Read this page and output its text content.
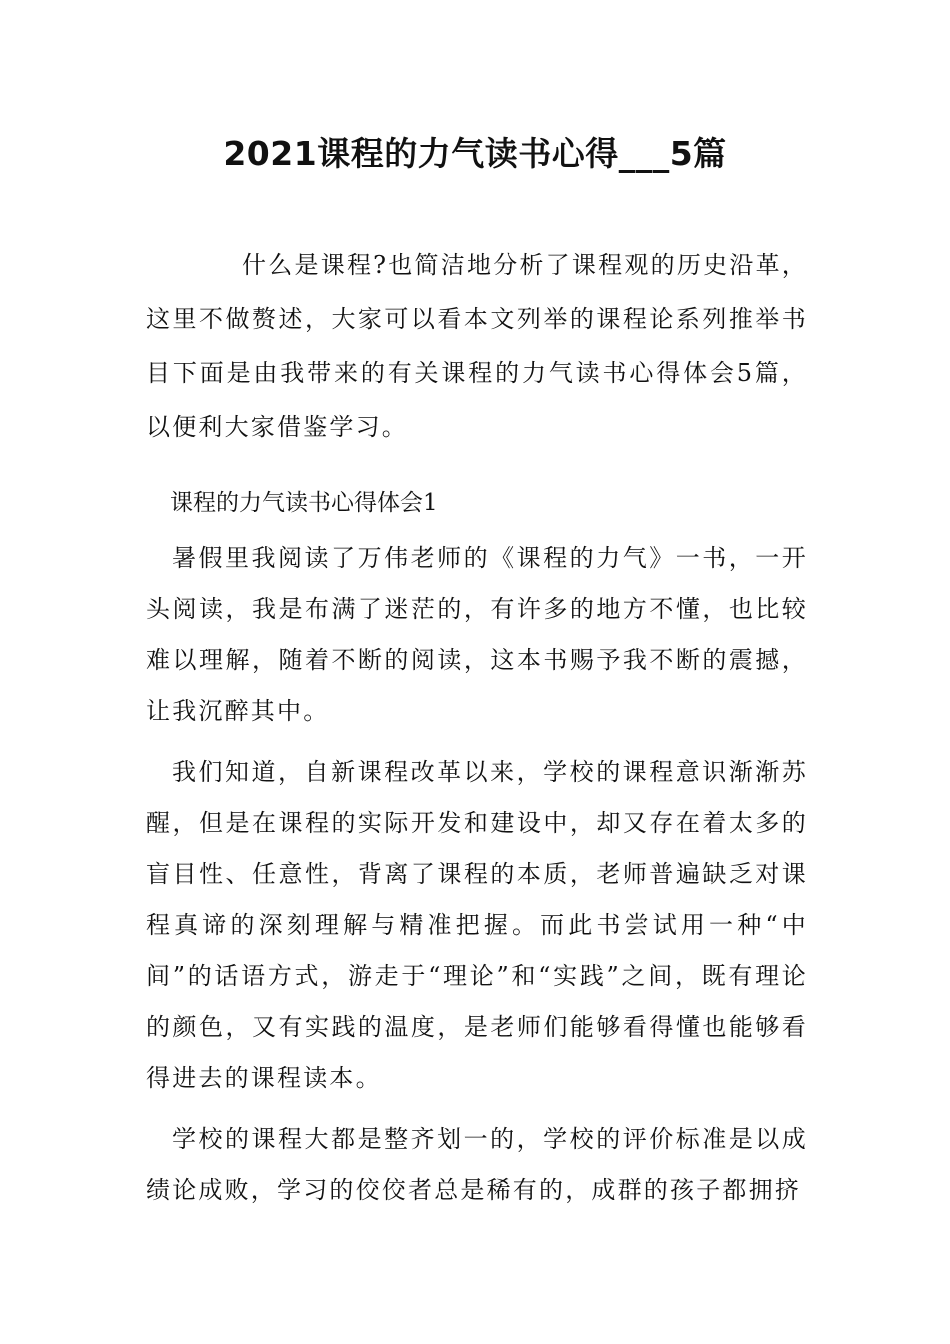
2021课程的力气读书心得___5篇
什么是课程?也简洁地分析了课程观的历史沿革，这里不做赘述，大家可以看本文列举的课程论系列推举书目下面是由我带来的有关课程的力气读书心得体会5篇，以便利大家借鉴学习。
课程的力气读书心得体会1

暑假里我阅读了万伟老师的《课程的力气》一书，一开头阅读，我是布满了迷茫的，有许多的地方不懂，也比较难以理解，随着不断的阅读，这本书赐予我不断的震撼，让我沉醉其中。

我们知道，自新课程改革以来，学校的课程意识渐渐苏醒，但是在课程的实际开发和建设中，却又存在着太多的盲目性、任意性，背离了课程的本质，老师普遍缺乏对课程真谛的深刻理解与精准把握。而此书尝试用一种“中间”的话语方式，游走于“理论”和“实践”之间，既有理论的颜色，又有实践的温度，是老师们能够看得懂也能够看得进去的课程读本。

学校的课程大都是整齐划一的，学校的评价标准是以成绩论成败，学习的佼佼者总是稀有的，成群的孩子都拥挤
